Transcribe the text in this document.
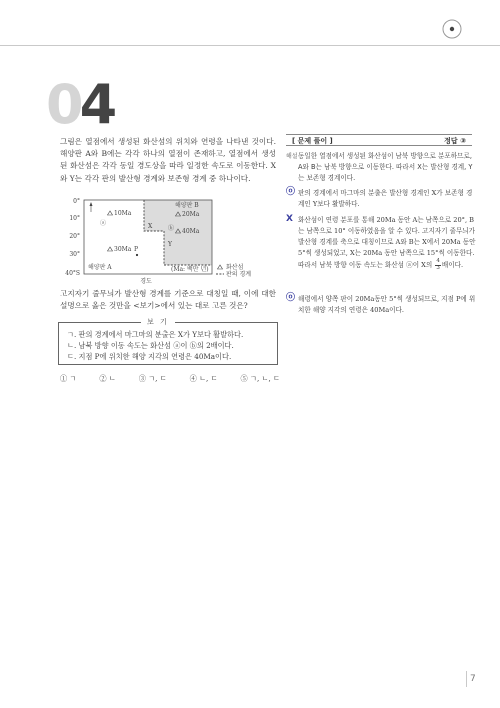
04
그림은 열점에서 생성된 화산섬의 위치와 연령을 나타낸 것이다. 해양판 A와 B에는 각각 하나의 열점이 존재하고, 열점에서 생성된 화산섬은 각각 동일 경도상을 따라 일정한 속도로 이동한다. X와 Y는 각각 판의 발산형 경계와 보존형 경계 중 하나이다.
0°
10°
20°
30°
40°S
해양판 B
해양판 A
10Ma
ⓐ
30Ma
20Ma
ⓑ 40Ma
X
Y
P
(Ma: 백만 년)
경도
화산섬
판의 경계
고지자기 줄무늬가 발산형 경계를 기준으로 대칭일 때, 이에 대한 설명으로 옳은 것만을 <보기>에서 있는 대로 고른 것은?
보 기
ㄱ. 판의 경계에서 마그마의 분출은 X가 Y보다 활발하다.
ㄴ. 남북 방향 이동 속도는 화산섬 ⓐ이 ⓑ의 2배이다.
ㄷ. 지점 P에 위치한 해양 지각의 연령은 40Ma이다.
① ㄱ	② ㄴ	③ ㄱ, ㄷ	④ ㄴ, ㄷ	⑤ ㄱ, ㄴ, ㄷ
[ 문제 풀이 ]	정답 ③
해설 동일한 열점에서 생성된 화산섬이 남북 방향으로 분포하므로, A와 B는 남북 방향으로 이동한다. 따라서 X는 발산형 경계, Y는 보존형 경계이다.
ⓞ 판의 경계에서 마그마의 분출은 발산형 경계인 X가 보존형 경계인 Y보다 활발하다.
X 화산섬이 연령 분포를 통해 20Ma 동안 A는 남쪽으로 20°, B는 남쪽으로 10° 이동하였음을 알 수 있다. 고지자기 줄무늬가 발산형 경계를 축으로 대칭이므로 A와 B는 X에서 20Ma 동안 5°씩 생성되었고, X는 20Ma 동안 남쪽으로 15°씩 이동한다. 따라서 남북 방향 이동 속도는 화산섬 ⓐ이 X의 $\frac{4}{3}$ 배이다.
ⓞ 해령에서 양쪽 판이 20Ma동안 5°씩 생성되므로, 지점 P에 위치한 해양 지각의 연령은 40Ma이다.
7
